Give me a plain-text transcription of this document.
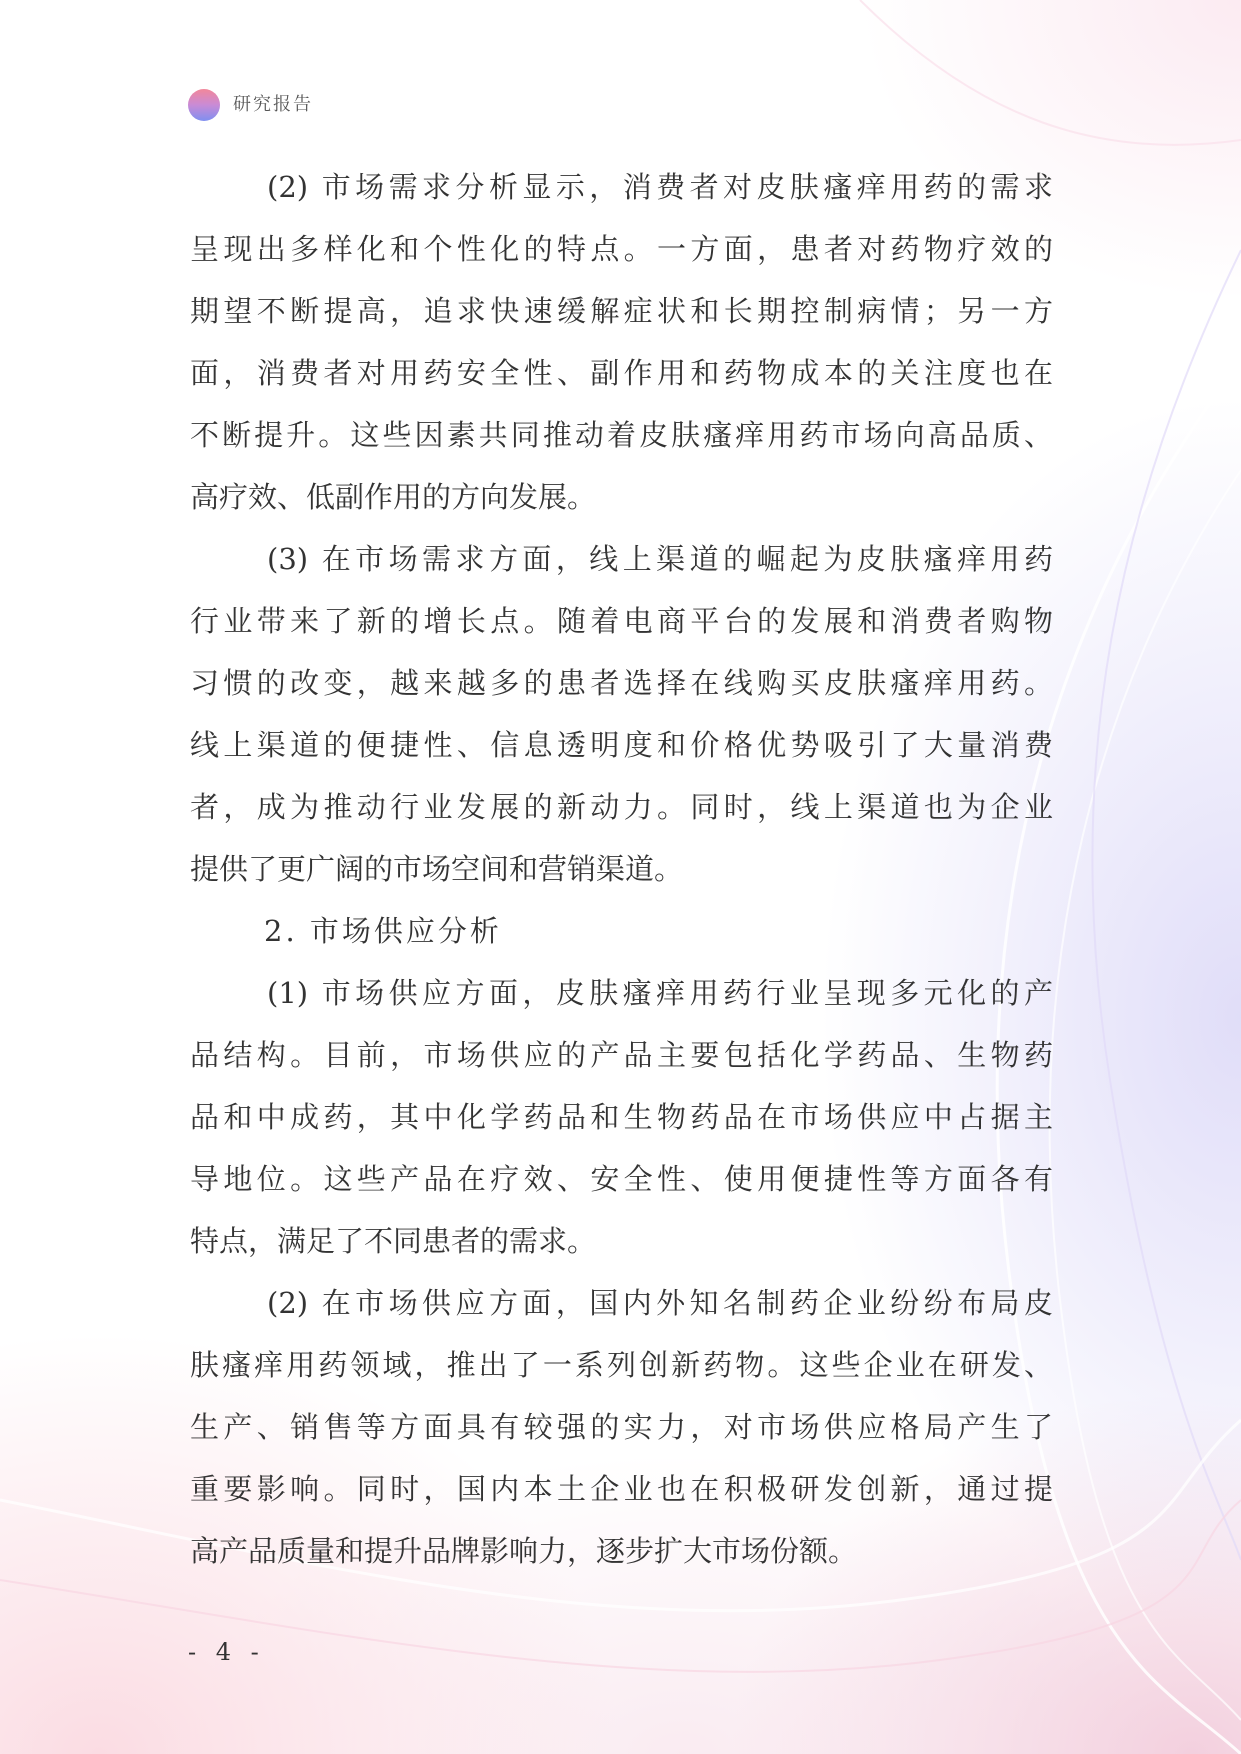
研究报告
(2) 市场需求分析显示，消费者对皮肤瘙痒用药的需求
呈现出多样化和个性化的特点。一方面，患者对药物疗效的
期望不断提高，追求快速缓解症状和长期控制病情；另一方
面，消费者对用药安全性、副作用和药物成本的关注度也在
不断提升。这些因素共同推动着皮肤瘙痒用药市场向高品质、
高疗效、低副作用的方向发展。
(3) 在市场需求方面，线上渠道的崛起为皮肤瘙痒用药
行业带来了新的增长点。随着电商平台的发展和消费者购物
习惯的改变，越来越多的患者选择在线购买皮肤瘙痒用药。
线上渠道的便捷性、信息透明度和价格优势吸引了大量消费
者，成为推动行业发展的新动力。同时，线上渠道也为企业
提供了更广阔的市场空间和营销渠道。
2. 市场供应分析
(1) 市场供应方面，皮肤瘙痒用药行业呈现多元化的产
品结构。目前，市场供应的产品主要包括化学药品、生物药
品和中成药，其中化学药品和生物药品在市场供应中占据主
导地位。这些产品在疗效、安全性、使用便捷性等方面各有
特点，满足了不同患者的需求。
(2) 在市场供应方面，国内外知名制药企业纷纷布局皮
肤瘙痒用药领域，推出了一系列创新药物。这些企业在研发、
生产、销售等方面具有较强的实力，对市场供应格局产生了
重要影响。同时，国内本土企业也在积极研发创新，通过提
高产品质量和提升品牌影响力，逐步扩大市场份额。
- 4 -
